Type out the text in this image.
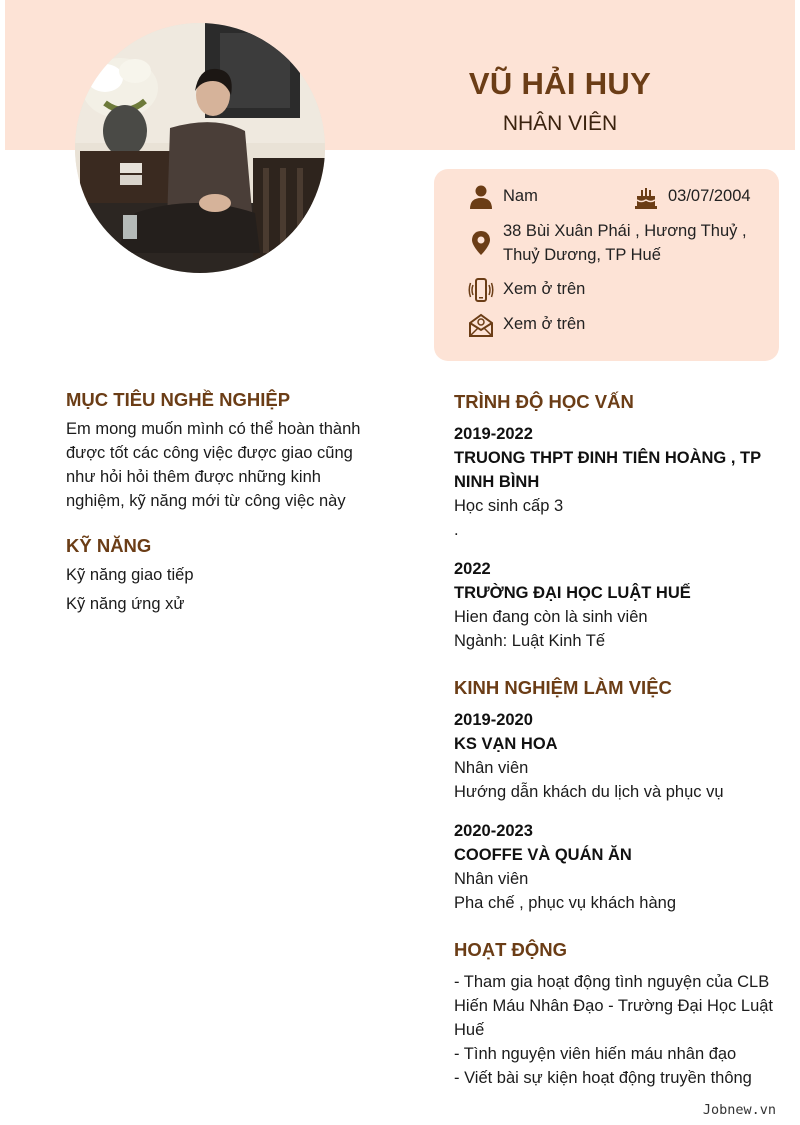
VŨ HẢI HUY
NHÂN VIÊN
Nam	03/07/2004
38 Bùi Xuân Phái , Hương Thuỷ ,
Thuỷ Dương, TP Huế
Xem ở trên
Xem ở trên
MỤC TIÊU NGHỀ NGHIỆP
Em mong muốn mình có thể hoàn thành
được tốt các công việc được giao cũng
như hỏi hỏi thêm được những kinh
nghiệm, kỹ năng mới từ công việc này
KỸ NĂNG
Kỹ năng giao tiếp
Kỹ năng ứng xử
TRÌNH ĐỘ HỌC VẤN
2019-2022
TRUONG THPT ĐINH TIÊN HOÀNG , TP
NINH BÌNH
Học sinh cấp 3
.
2022
TRƯỜNG ĐẠI HỌC LUẬT HUẾ
Hien đang còn là sinh viên
Ngành: Luật Kinh Tế
KINH NGHIỆM LÀM VIỆC
2019-2020
KS VẠN HOA
Nhân viên
Hướng dẫn khách du lịch và phục vụ
2020-2023
COOFFE VÀ QUÁN ĂN
Nhân viên
Pha chế , phục vụ khách hàng
HOẠT ĐỘNG
- Tham gia hoạt động tình nguyện của CLB
Hiến Máu Nhân Đạo - Trường Đại Học Luật
Huế
- Tình nguyện viên hiến máu nhân đạo
- Viết bài sự kiện hoạt động truyền thông
Jobnew.vn
